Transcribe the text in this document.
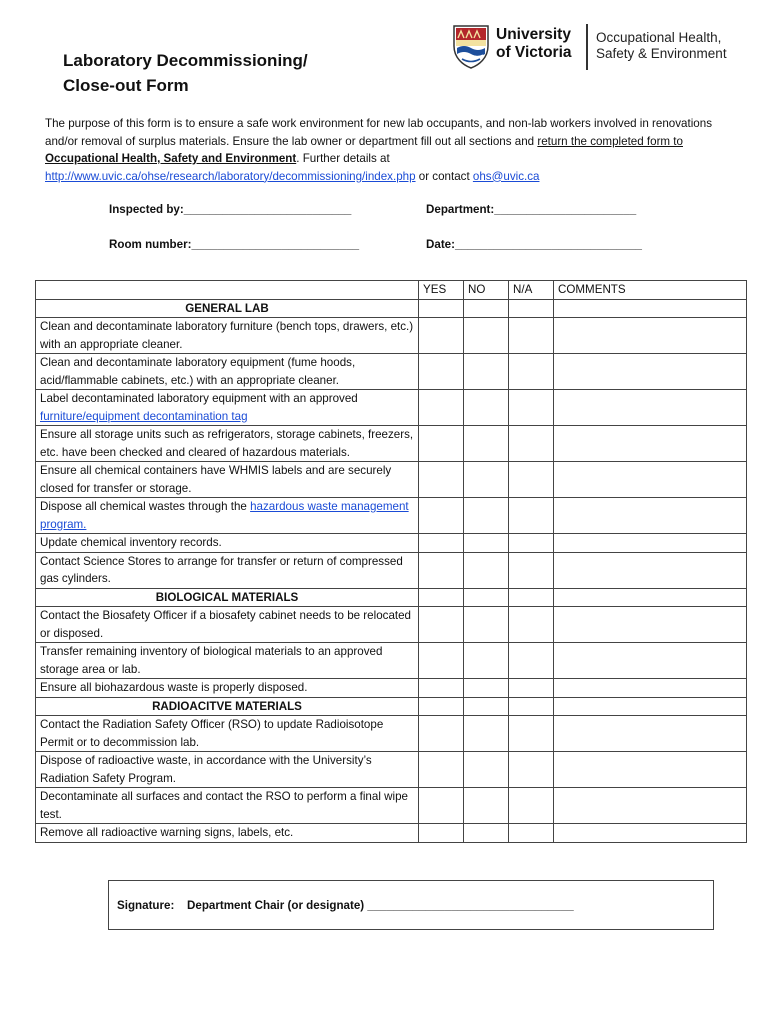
Laboratory Decommissioning/
Close-out Form
University
of Victoria
Occupational Health,
Safety & Environment
The purpose of this form is to ensure a safe work environment for new lab occupants, and non-lab workers involved in renovations and/or removal of surplus materials. Ensure the lab owner or department fill out all sections and return the completed form to Occupational Health, Safety and Environment. Further details at
http://www.uvic.ca/ohse/research/laboratory/decommissioning/index.php or contact ohs@uvic.ca
Inspected by:__________________________	Department:______________________
Room number:__________________________	Date:_____________________________
	YES	NO	N/A	COMMENTS
GENERAL LAB				
Clean and decontaminate laboratory furniture (bench tops, drawers, etc.) with an appropriate cleaner.				
Clean and decontaminate laboratory equipment (fume hoods, acid/flammable cabinets, etc.) with an appropriate cleaner.				
Label decontaminated laboratory equipment with an approved furniture/equipment decontamination tag				
Ensure all storage units such as refrigerators, storage cabinets, freezers, etc. have been checked and cleared of hazardous materials.				
Ensure all chemical containers have WHMIS labels and are securely closed for transfer or storage.				
Dispose all chemical wastes through the hazardous waste management program.				
Update chemical inventory records.				
Contact Science Stores to arrange for transfer or return of compressed gas cylinders.				
BIOLOGICAL MATERIALS				
Contact the Biosafety Officer if a biosafety cabinet needs to be relocated or disposed.				
Transfer remaining inventory of biological materials to an approved storage area or lab.				
Ensure all biohazardous waste is properly disposed.				
RADIOACITVE MATERIALS				
Contact the Radiation Safety Officer (RSO) to update Radioisotope Permit or to decommission lab.				
Dispose of radioactive waste, in accordance with the University’s Radiation Safety Program.				
Decontaminate all surfaces and contact the RSO to perform a final wipe test.				
Remove all radioactive warning signs, labels, etc.				
Signature: Department Chair (or designate) ________________________________
